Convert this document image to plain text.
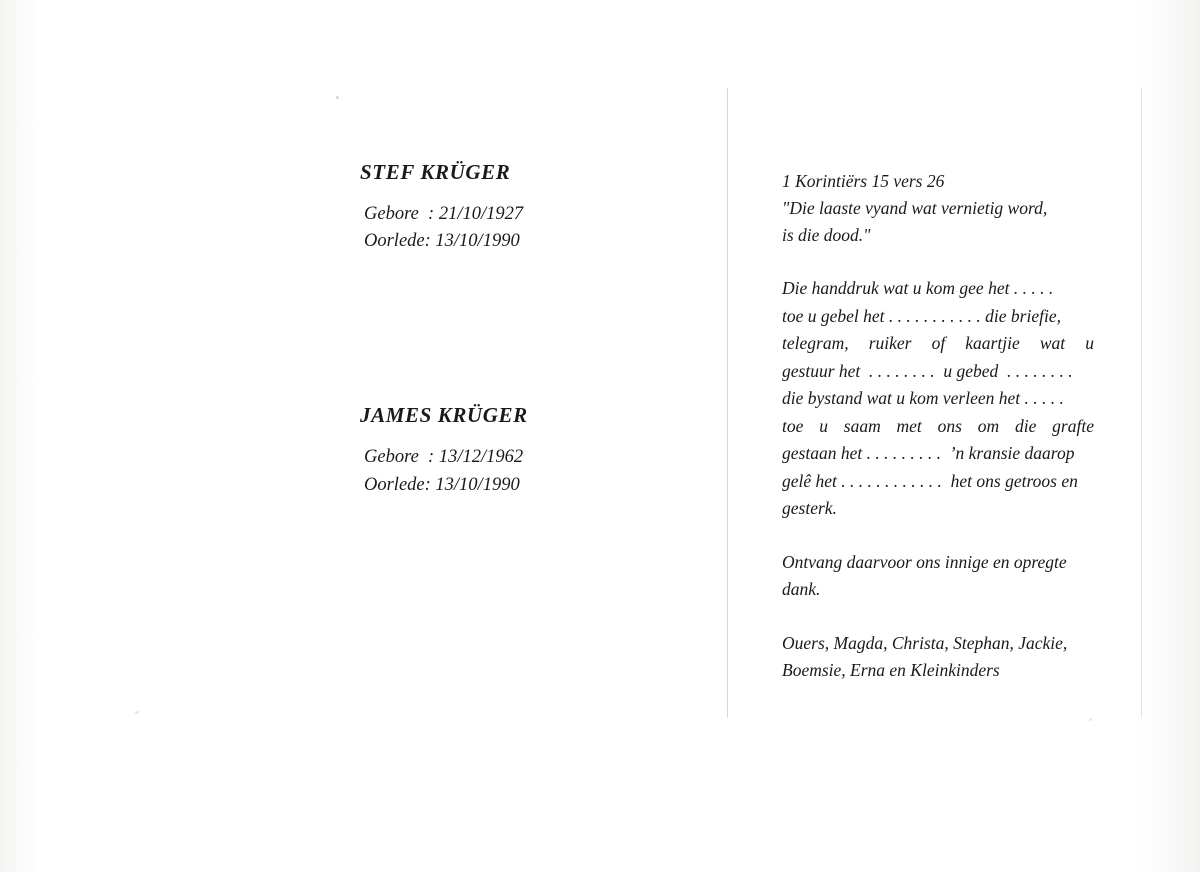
STEF KRÜGER
Gebore  : 21/10/1927
Oorlede: 13/10/1990
JAMES KRÜGER
Gebore  : 13/12/1962
Oorlede: 13/10/1990
1 Korintiërs 15 vers 26
"Die laaste vyand wat vernietig word,
is die dood."
Die handdruk wat u kom gee het . . . . .
toe u gebel het . . . . . . . . . . . die briefie,
telegram, ruiker of kaartjie wat u
gestuur het  . . . . . . . .  u gebed  . . . . . . . .
die bystand wat u kom verleen het . . . . .
toe u saam met ons om die grafte
gestaan het . . . . . . . . .  ’n kransie daarop
gelê het . . . . . . . . . . . .  het ons getroos en
gesterk.
Ontvang daarvoor ons innige en opregte
dank.
Ouers, Magda, Christa, Stephan, Jackie,
Boemsie, Erna en Kleinkinders
